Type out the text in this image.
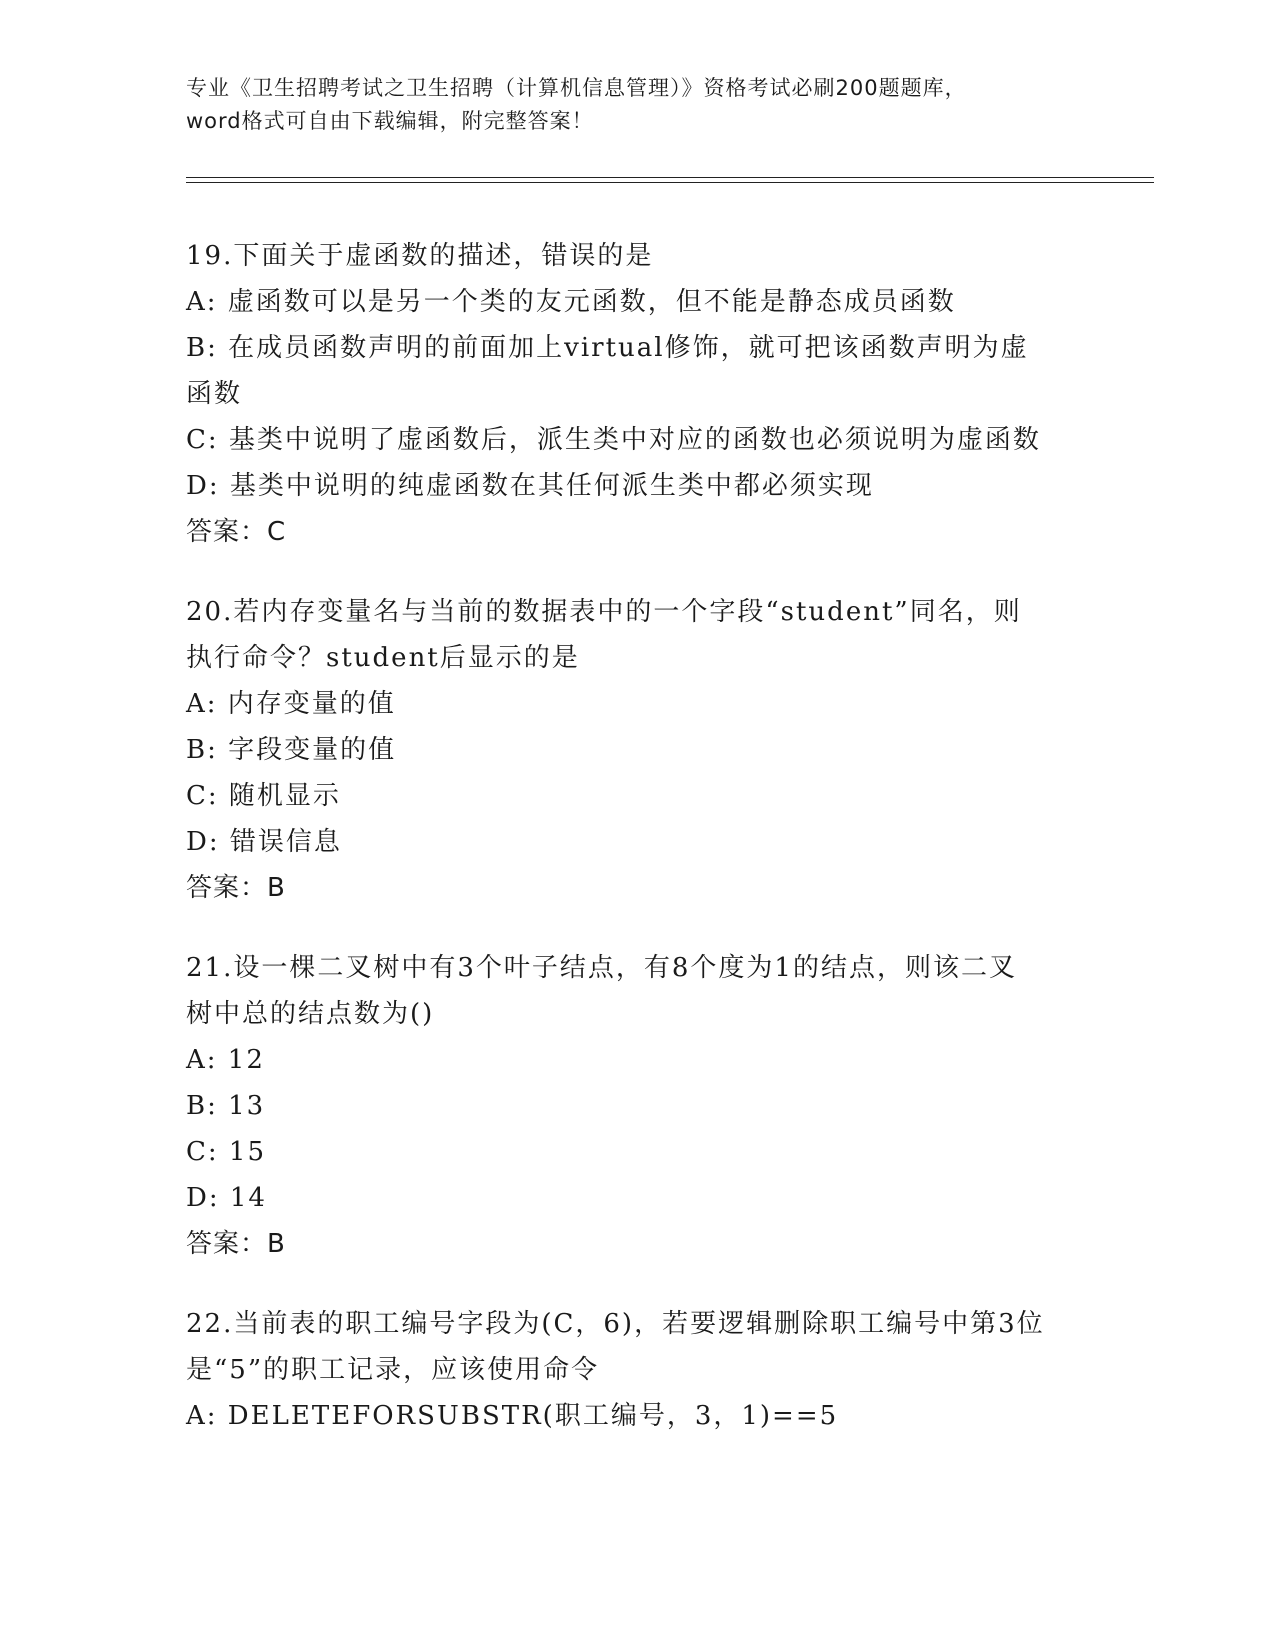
专业《卫生招聘考试之卫生招聘（计算机信息管理）》资格考试必刷200题题库，
word格式可自由下载编辑，附完整答案！
19.下面关于虚函数的描述，错误的是
A: 虚函数可以是另一个类的友元函数，但不能是静态成员函数
B: 在成员函数声明的前面加上virtual修饰，就可把该函数声明为虚
函数
C: 基类中说明了虚函数后，派生类中对应的函数也必须说明为虚函数
D: 基类中说明的纯虚函数在其任何派生类中都必须实现
答案：C
20.若内存变量名与当前的数据表中的一个字段“student”同名，则
执行命令？student后显示的是
A: 内存变量的值
B: 字段变量的值
C: 随机显示
D: 错误信息
答案：B
21.设一棵二叉树中有3个叶子结点，有8个度为1的结点，则该二叉
树中总的结点数为()
A: 12
B: 13
C: 15
D: 14
答案：B
22.当前表的职工编号字段为(C，6)，若要逻辑删除职工编号中第3位
是“5”的职工记录，应该使用命令
A: DELETEFORSUBSTR(职工编号，3，1)==5
